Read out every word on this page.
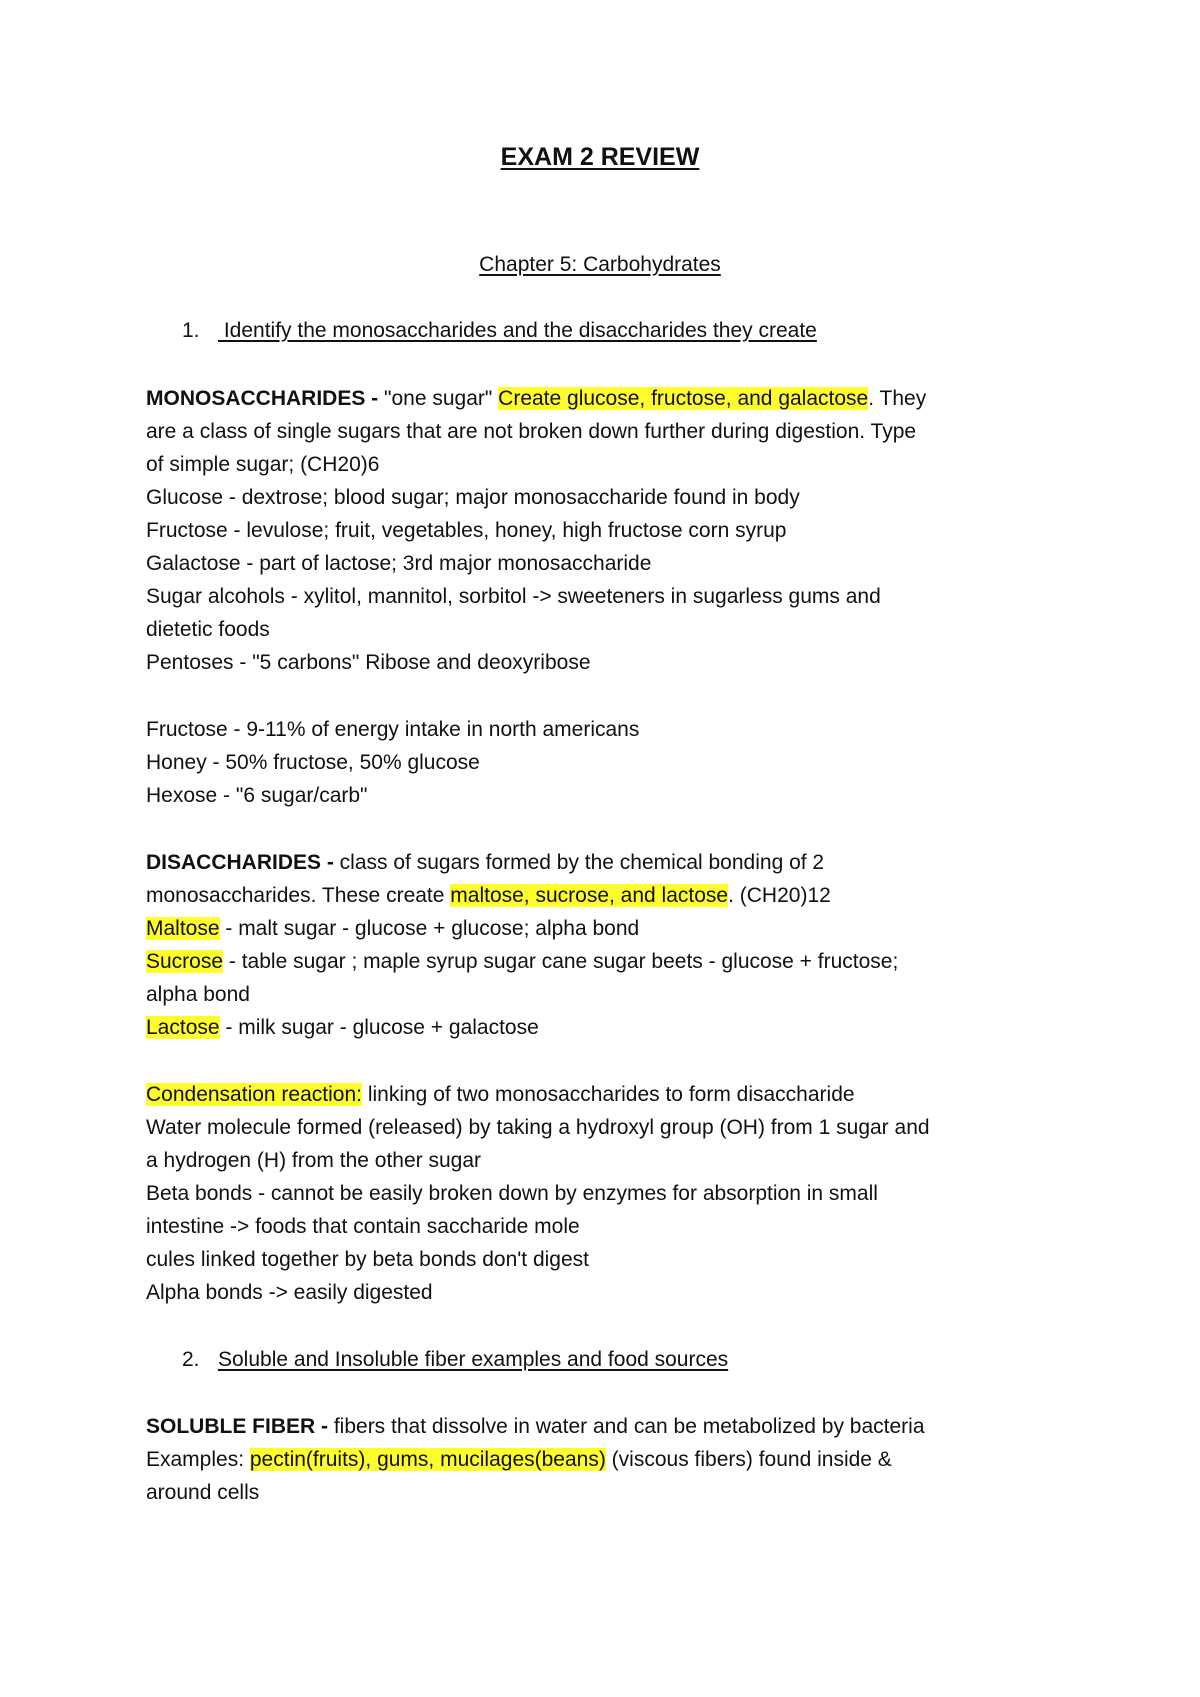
EXAM 2 REVIEW
Chapter 5: Carbohydrates
1. Identify the monosaccharides and the disaccharides they create
MONOSACCHARIDES - "one sugar" Create glucose, fructose, and galactose. They
are a class of single sugars that are not broken down further during digestion. Type
of simple sugar; (CH20)6
Glucose - dextrose; blood sugar; major monosaccharide found in body
Fructose - levulose; fruit, vegetables, honey, high fructose corn syrup
Galactose - part of lactose; 3rd major monosaccharide
Sugar alcohols - xylitol, mannitol, sorbitol -> sweeteners in sugarless gums and
dietetic foods
Pentoses - "5 carbons" Ribose and deoxyribose
Fructose - 9-11% of energy intake in north americans
Honey - 50% fructose, 50% glucose
Hexose - "6 sugar/carb"
DISACCHARIDES - class of sugars formed by the chemical bonding of 2
monosaccharides. These create maltose, sucrose, and lactose. (CH20)12
Maltose - malt sugar - glucose + glucose; alpha bond
Sucrose - table sugar ; maple syrup sugar cane sugar beets - glucose + fructose;
alpha bond
Lactose - milk sugar - glucose + galactose
Condensation reaction: linking of two monosaccharides to form disaccharide
Water molecule formed (released) by taking a hydroxyl group (OH) from 1 sugar and
a hydrogen (H) from the other sugar
Beta bonds - cannot be easily broken down by enzymes for absorption in small
intestine -> foods that contain saccharide mole
cules linked together by beta bonds don't digest
Alpha bonds -> easily digested
2. Soluble and Insoluble fiber examples and food sources
SOLUBLE FIBER - fibers that dissolve in water and can be metabolized by bacteria
Examples: pectin(fruits), gums, mucilages(beans) (viscous fibers) found inside &
around cells
